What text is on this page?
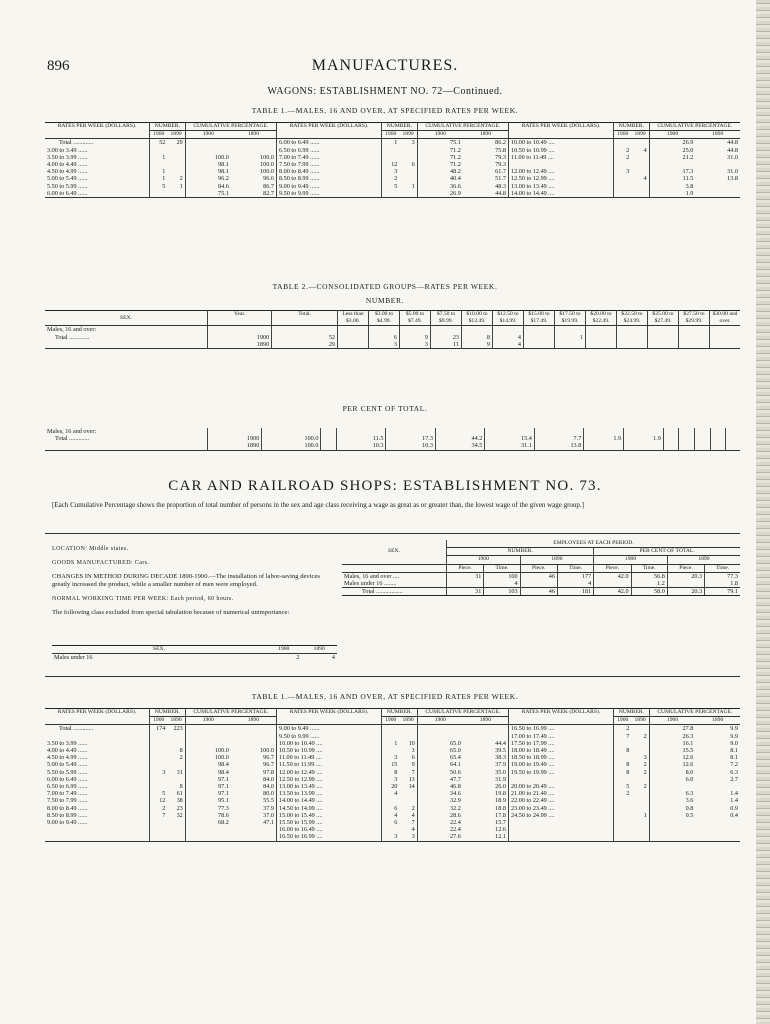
896	MANUFACTURES.
WAGONS: ESTABLISHMENT NO. 72—Continued.
TABLE 1.—MALES, 16 AND OVER, AT SPECIFIED RATES PER WEEK.
RATES PER WEEK (DOLLARS).	NUMBER.		CUMULATIVE PERCENTAGE.		RATES PER WEEK (DOLLARS).	NUMBER.		CUMULATIVE PERCENTAGE.		RATES PER WEEK (DOLLARS).	NUMBER.		CUMULATIVE PERCENTAGE.	
	1900	1890	1900	1890		1900	1890	1900	1890		1900	1890	1900	1890
Total .............	52	29			6.00 to 6.49 ......	1	3	75.1	86.2	10.00 to 10.49 ....			26.9	44.8
3.00 to 3.49 ......					6.50 to 6.99 ......			71.2	75.8	10.50 to 10.99 ....	2	4	25.0	44.8
3.50 to 3.99 ......	1		100.0	100.0	7.00 to 7.49 ......			71.2	79.3	11.00 to 11.49 ....	2		21.2	31.0
4.00 to 4.49 ......			98.1	100.0	7.50 to 7.99 ......	12	6	71.2	79.3					
4.50 to 4.99 ......	1		98.1	100.0	8.00 to 8.49 ......	3		48.2	61.7	12.00 to 12.49 ....	3		17.3	31.0
5.00 to 5.49 ......	1	2	96.2	96.6	8.50 to 8.99 ......	2		40.4	51.7	12.50 to 12.99 ....		4	11.5	13.8
5.50 to 5.99 ......	5	1	84.6	86.7	9.00 to 9.49 ......	5	1	36.6	48.3	13.00 to 13.49 ....			3.8	
6.00 to 6.49 ......			75.1	82.7	9.50 to 9.99 ......			26.9	44.8	14.00 to 14.49 ....			1.9	

TABLE 2.—CONSOLIDATED GROUPS—RATES PER WEEK.
NUMBER.
SEX.	Year.	Total.	Less than $3.00.	$3.00 to $4.99.	$5.00 to $7.49.	$7.50 to $9.99.	$10.00 to $12.49.	$12.50 to $14.99.	$15.00 to $17.49.	$17.50 to $19.99.	$20.00 to $22.49.	$22.50 to $24.99.	$25.00 to $27.49.	$27.50 to $29.99.	$30.00 and over.
Males, 16 and over:															
Total .............	1900	52		6	9	23	8	4		1					
	1890	29		3	3	11	9	4							

PER CENT OF TOTAL.
Males, 16 and over:															
Total .............	1900	100.0		11.5	17.3	44.2	15.4	7.7	1.9	1.9					
	1890	100.0		10.3	10.3	34.5	31.1	13.8							

CAR AND RAILROAD SHOPS: ESTABLISHMENT NO. 73.
[Each Cumulative Percentage shows the proportion of total number of persons in the sex and age class receiving a wage as great as or greater than, the lowest wage of the given wage group.]

LOCATION: Middle states.

GOODS MANUFACTURED: Cars.

CHANGES IN METHOD DURING DECADE 1890-1900.—The installation of labor-saving devices greatly increased the product, while a smaller number of men were employed.

NORMAL WORKING TIME PER WEEK: Each period, 60 hours.

The following class excluded from special tabulation because of numerical unimportance:

SEX.	1900	1890
Males under 16	2	4
SEX.	EMPLOYEES AT EACH PERIOD.							
	NUMBER.				PER CENT OF TOTAL.			
	1900		1890		1900		1890	
	Piece.	Time.	Piece.	Time.	Piece.	Time.	Piece.	Time.
Males, 16 and over ....	31	100	46	177	42.0	56.8	20.3	77.3
Males under 16 ........		4		4		1.2		1.8
Total .................	31	103	46	181	42.0	58.0	20.3	79.1
TABLE 1.—MALES, 16 AND OVER, AT SPECIFIED RATES PER WEEK.
RATES PER WEEK (DOLLARS).	NUMBER.		CUMULATIVE PERCENTAGE.		RATES PER WEEK (DOLLARS).	NUMBER.		CUMULATIVE PERCENTAGE.		RATES PER WEEK (DOLLARS).	NUMBER.		CUMULATIVE PERCENTAGE.	
	1900	1890	1900	1890		1900	1890	1900	1890		1900	1890	1900	1890
Total .............	174	223			9.00 to 9.49 ......					16.50 to 16.99 ....	2		27.8	9.9
					9.50 to 9.99 ......					17.00 to 17.49 ....	7	2	26.3	9.9
3.50 to 3.99 ......					10.00 to 10.49 ....	1	10	65.0	44.4	17.50 to 17.99 ....			16.1	9.0
4.00 to 4.49 ......		8	100.0	100.0	10.50 to 10.99 ....		3	65.0	39.5	18.00 to 18.49 ....	8		15.5	8.1
4.50 to 4.99 ......		2	100.0	96.7	11.00 to 11.49 ....	3	6	65.4	38.3	18.50 to 18.99 ....		3	12.6	8.1
5.00 to 5.49 ......			98.4	96.7	11.50 to 11.99 ....	15	9	64.1	37.9	19.00 to 19.49 ....	8	2	12.6	7.2
5.50 to 5.99 ......	3	31	98.4	97.8	12.00 to 12.49 ....	8	7	50.6	35.0	19.50 to 19.99 ....	8	2	8.0	6.3
6.00 to 6.49 ......			97.1	84.0	12.50 to 12.99 ....	3	13	47.7	31.9				6.0	2.7
6.50 to 6.99 ......		8	97.1	84.0	13.00 to 13.49 ....	20	14	46.8	26.0	20.00 to 20.49 ....	5	2		
7.00 to 7.49 ......	5	61	97.1	80.0	13.50 to 13.99 ....	4		34.6	19.8	21.00 to 21.49 ....	2		6.3	1.4
7.50 to 7.99 ......	12	38	95.1	55.5	14.00 to 14.49 ....			32.9	18.9	22.00 to 22.49 ....			3.6	1.4
8.00 to 8.49 ......	2	23	77.3	37.9	14.50 to 14.99 ....	6	2	32.2	18.8	23.00 to 23.49 ....			0.8	0.9
8.50 to 8.99 ......	7	32	78.6	37.0	15.00 to 15.49 ....	4	4	28.6	17.8	24.50 to 24.99 ....		1	0.5	0.4
9.00 to 9.49 ......			68.2	47.1	15.50 to 15.99 ....	6	7	22.4	15.7					
					16.00 to 16.49 ....		4	22.4	12.6					
					16.50 to 16.99 ....	3	3	27.6	12.1					
